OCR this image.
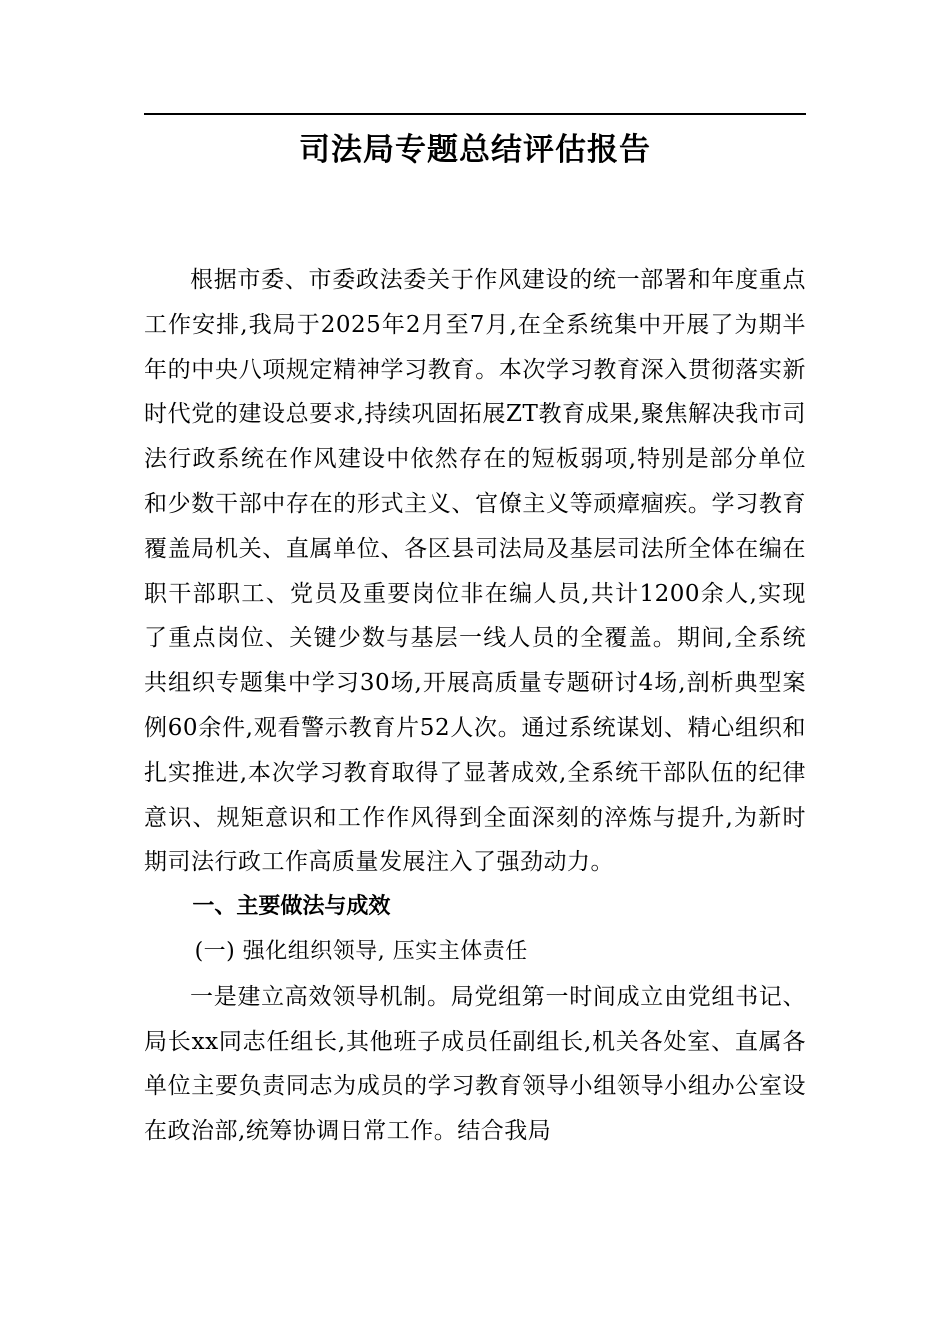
司法局专题总结评估报告

根据市委、市委政法委关于作风建设的统一部署和年度重点工作安排,我局于2025年2月至7月,在全系统集中开展了为期半年的中央八项规定精神学习教育。本次学习教育深入贯彻落实新时代党的建设总要求,持续巩固拓展ZT教育成果,聚焦解决我市司法行政系统在作风建设中依然存在的短板弱项,特别是部分单位和少数干部中存在的形式主义、官僚主义等顽瘴痼疾。学习教育覆盖局机关、直属单位、各区县司法局及基层司法所全体在编在职干部职工、党员及重要岗位非在编人员,共计1200余人,实现了重点岗位、关键少数与基层一线人员的全覆盖。期间,全系统共组织专题集中学习30场,开展高质量专题研讨4场,剖析典型案例60余件,观看警示教育片52人次。通过系统谋划、精心组织和扎实推进,本次学习教育取得了显著成效,全系统干部队伍的纪律意识、规矩意识和工作作风得到全面深刻的淬炼与提升,为新时期司法行政工作高质量发展注入了强劲动力。

一、主要做法与成效

(一) 强化组织领导, 压实主体责任

一是建立高效领导机制。局党组第一时间成立由党组书记、局长xx同志任组长,其他班子成员任副组长,机关各处室、直属各单位主要负责同志为成员的学习教育领导小组领导小组办公室设在政治部,统筹协调日常工作。结合我局
